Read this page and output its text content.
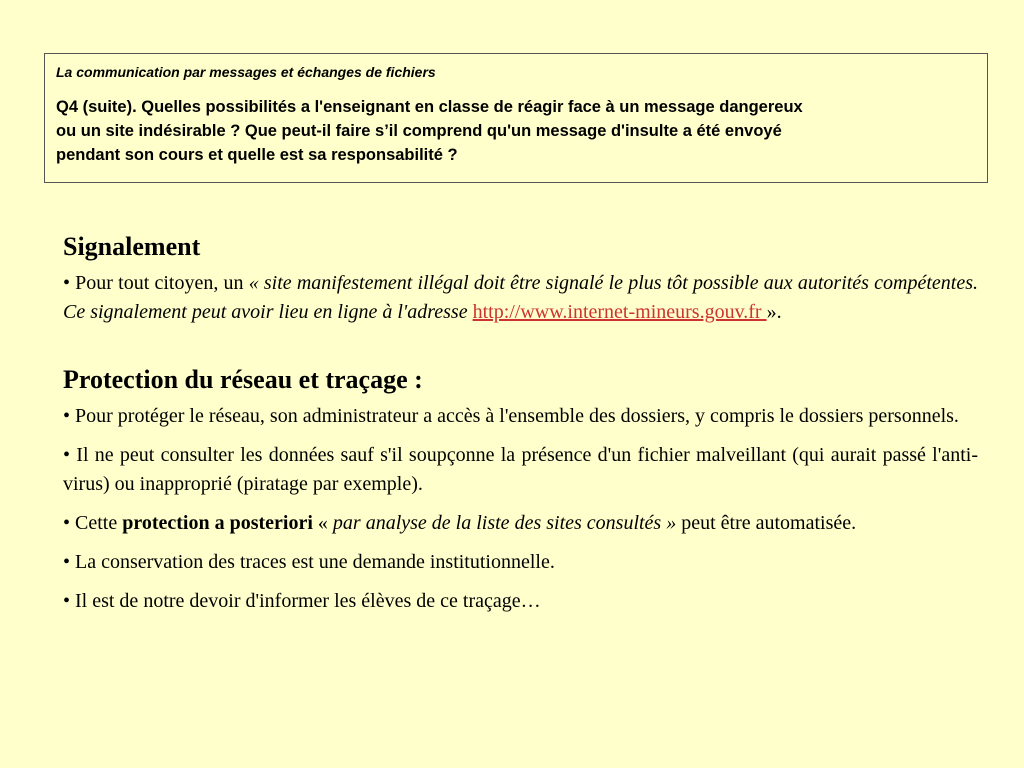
La communication par messages et échanges de fichiers

Q4 (suite). Quelles possibilités a l'enseignant en classe de réagir face à un message dangereux
ou un site indésirable ? Que peut-il faire s’il comprend qu'un message d'insulte a été envoyé
pendant son cours et quelle est sa responsabilité ?

Signalement

• Pour tout citoyen, un « site manifestement illégal doit être signalé le plus tôt possible aux autorités compétentes. Ce signalement peut avoir lieu en ligne à l'adresse http://www.internet-mineurs.gouv.fr ».

Protection du réseau et traçage :

• Pour protéger le réseau, son administrateur a accès à l'ensemble des dossiers, y compris le dossiers personnels.

• Il ne peut consulter les données sauf s'il soupçonne la présence d'un fichier malveillant (qui aurait passé l'anti-virus) ou inapproprié (piratage par exemple).

• Cette protection a posteriori « par analyse de la liste des sites consultés » peut être automatisée.

• La conservation des traces est une demande institutionnelle.

• Il est de notre devoir d'informer les élèves de ce traçage…
